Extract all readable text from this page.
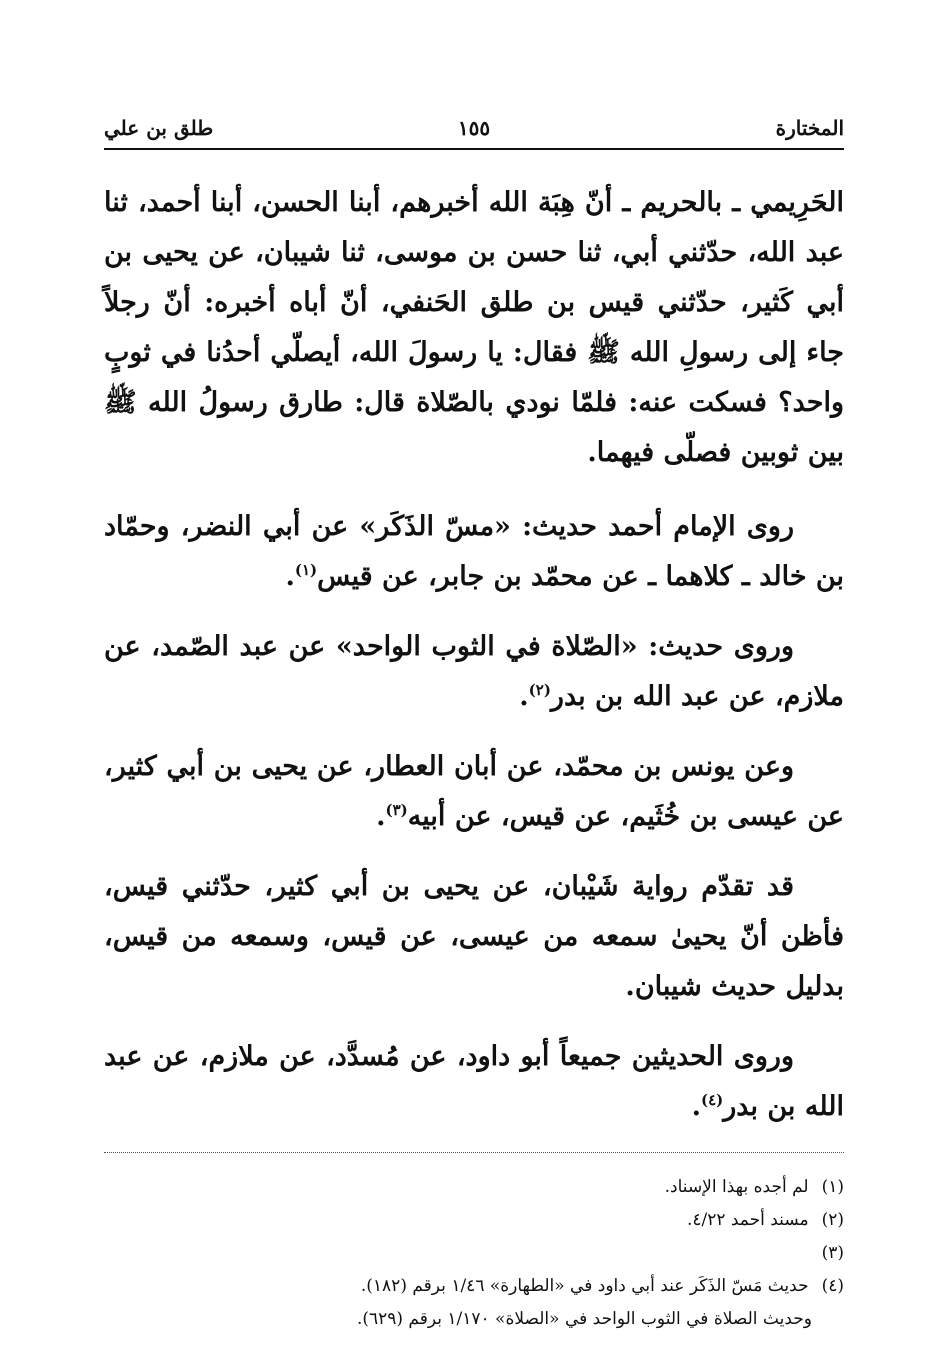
المختارة
١٥٥
طلق بن علي

الحَرِيمي ـ بالحريم ـ أنّ هِبَة الله أخبرهم، أبنا الحسن، أبنا أحمد، ثنا عبد الله، حدّثني أبي، ثنا حسن بن موسى، ثنا شيبان، عن يحيى بن أبي كَثير، حدّثني قيس بن طلق الحَنفي، أنّ أباه أخبره: أنّ رجلاً جاء إلى رسولِ الله ﷺ فقال: يا رسولَ الله، أيصلّي أحدُنا في ثوبٍ واحد؟ فسكت عنه: فلمّا نودي بالصّلاة قال: طارق رسولُ الله ﷺ بين ثوبين فصلّى فيهما.

روى الإمام أحمد حديث: «مسّ الذَكَر» عن أبي النضر، وحمّاد بن خالد ـ كلاهما ـ عن محمّد بن جابر، عن قيس$^{(١)}$.

وروى حديث: «الصّلاة في الثوب الواحد» عن عبد الصّمد، عن ملازم، عن عبد الله بن بدر$^{(٢)}$.

وعن يونس بن محمّد، عن أبان العطار، عن يحيى بن أبي كثير، عن عيسى بن خُثَيم، عن قيس، عن أبيه$^{(٣)}$.

قد تقدّم رواية شَيْبان، عن يحيى بن أبي كثير، حدّثني قيس، فأظن أنّ يحيىٰ سمعه من عيسى، عن قيس، وسمعه من قيس، بدليل حديث شيبان.

وروى الحديثين جميعاً أبو داود، عن مُسدَّد، عن ملازم، عن عبد الله بن بدر$^{(٤)}$.

(١) لم أجده بهذا الإسناد.

(٢) مسند أحمد ٤/٢٢.

(٣)

(٤) حديث مَسّ الذَكَر عند أبي داود في «الطهارة» ١/٤٦ برقم (١٨٢).

وحديث الصلاة في الثوب الواحد في «الصلاة» ١/١٧٠ برقم (٦٢٩).
